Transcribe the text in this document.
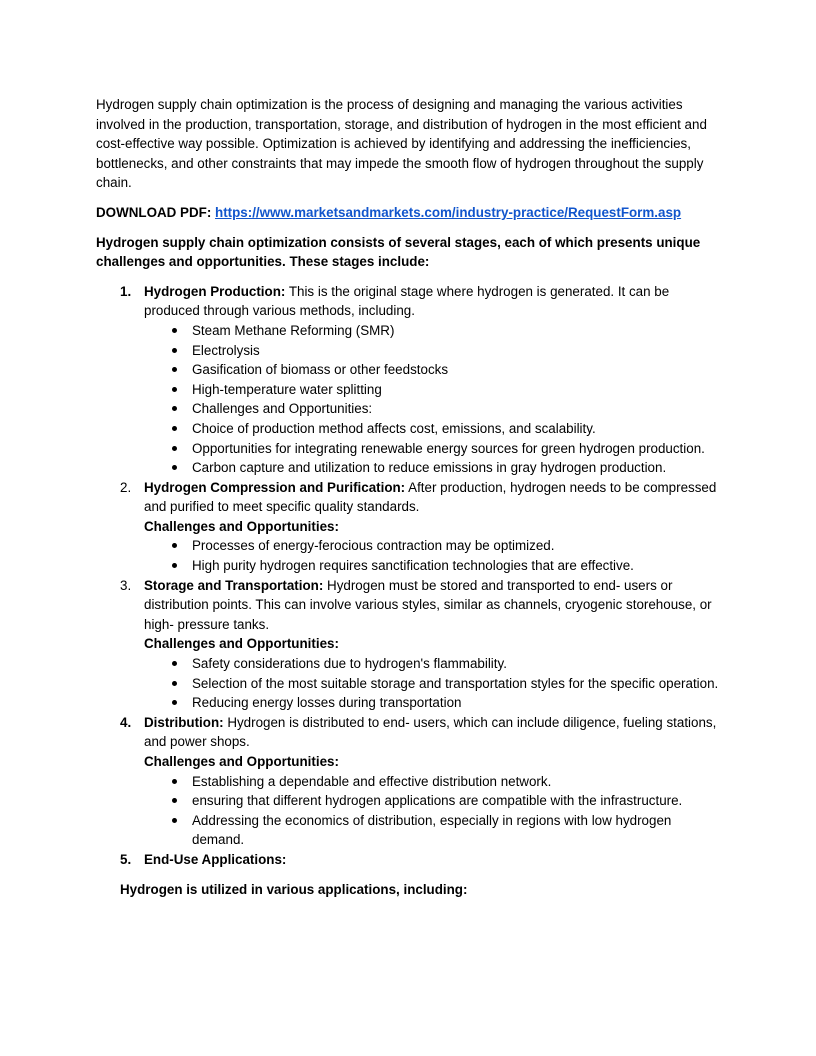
Hydrogen supply chain optimization is the process of designing and managing the various activities involved in the production, transportation, storage, and distribution of hydrogen in the most efficient and cost-effective way possible. Optimization is achieved by identifying and addressing the inefficiencies, bottlenecks, and other constraints that may impede the smooth flow of hydrogen throughout the supply chain.

DOWNLOAD PDF: https://www.marketsandmarkets.com/industry-practice/RequestForm.asp

Hydrogen supply chain optimization consists of several stages, each of which presents unique challenges and opportunities. These stages include:

1. Hydrogen Production: This is the original stage where hydrogen is generated. It can be produced through various methods, including.
Steam Methane Reforming (SMR)
Electrolysis
Gasification of biomass or other feedstocks
High-temperature water splitting
Challenges and Opportunities:
Choice of production method affects cost, emissions, and scalability.
Opportunities for integrating renewable energy sources for green hydrogen production.
Carbon capture and utilization to reduce emissions in gray hydrogen production.
2. Hydrogen Compression and Purification: After production, hydrogen needs to be compressed and purified to meet specific quality standards.
Challenges and Opportunities:
Processes of energy-ferocious contraction may be optimized.
High purity hydrogen requires sanctification technologies that are effective.
3. Storage and Transportation: Hydrogen must be stored and transported to end- users or distribution points. This can involve various styles, similar as channels, cryogenic storehouse, or high- pressure tanks.
Challenges and Opportunities:
Safety considerations due to hydrogen's flammability.
Selection of the most suitable storage and transportation styles for the specific operation.
Reducing energy losses during transportation
4. Distribution: Hydrogen is distributed to end- users, which can include diligence, fueling stations, and power shops.
Challenges and Opportunities:
Establishing a dependable and effective distribution network.
ensuring that different hydrogen applications are compatible with the infrastructure.
Addressing the economics of distribution, especially in regions with low hydrogen demand.
5. End-Use Applications:

Hydrogen is utilized in various applications, including:
